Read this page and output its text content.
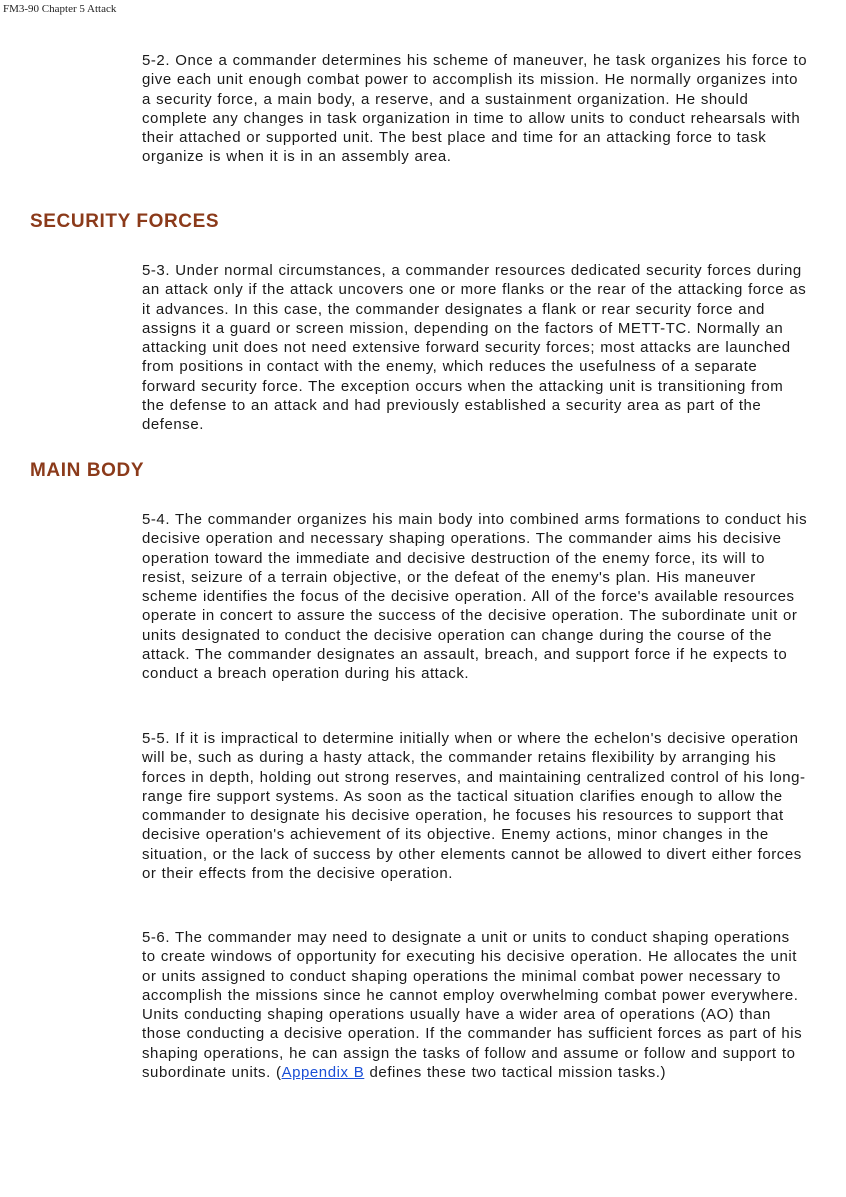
FM3-90 Chapter 5 Attack

5-2. Once a commander determines his scheme of maneuver, he task organizes his force to give each unit enough combat power to accomplish its mission. He normally organizes into a security force, a main body, a reserve, and a sustainment organization. He should complete any changes in task organization in time to allow units to conduct rehearsals with their attached or supported unit. The best place and time for an attacking force to task organize is when it is in an assembly area.

SECURITY FORCES

5-3. Under normal circumstances, a commander resources dedicated security forces during an attack only if the attack uncovers one or more flanks or the rear of the attacking force as it advances. In this case, the commander designates a flank or rear security force and assigns it a guard or screen mission, depending on the factors of METT-TC. Normally an attacking unit does not need extensive forward security forces; most attacks are launched from positions in contact with the enemy, which reduces the usefulness of a separate forward security force. The exception occurs when the attacking unit is transitioning from the defense to an attack and had previously established a security area as part of the defense.

MAIN BODY

5-4. The commander organizes his main body into combined arms formations to conduct his decisive operation and necessary shaping operations. The commander aims his decisive operation toward the immediate and decisive destruction of the enemy force, its will to resist, seizure of a terrain objective, or the defeat of the enemy's plan. His maneuver scheme identifies the focus of the decisive operation. All of the force's available resources operate in concert to assure the success of the decisive operation. The subordinate unit or units designated to conduct the decisive operation can change during the course of the attack. The commander designates an assault, breach, and support force if he expects to conduct a breach operation during his attack.

5-5. If it is impractical to determine initially when or where the echelon's decisive operation will be, such as during a hasty attack, the commander retains flexibility by arranging his forces in depth, holding out strong reserves, and maintaining centralized control of his long-range fire support systems. As soon as the tactical situation clarifies enough to allow the commander to designate his decisive operation, he focuses his resources to support that decisive operation's achievement of its objective. Enemy actions, minor changes in the situation, or the lack of success by other elements cannot be allowed to divert either forces or their effects from the decisive operation.

5-6. The commander may need to designate a unit or units to conduct shaping operations to create windows of opportunity for executing his decisive operation. He allocates the unit or units assigned to conduct shaping operations the minimal combat power necessary to accomplish the missions since he cannot employ overwhelming combat power everywhere. Units conducting shaping operations usually have a wider area of operations (AO) than those conducting a decisive operation. If the commander has sufficient forces as part of his shaping operations, he can assign the tasks of follow and assume or follow and support to subordinate units. (Appendix B defines these two tactical mission tasks.)
